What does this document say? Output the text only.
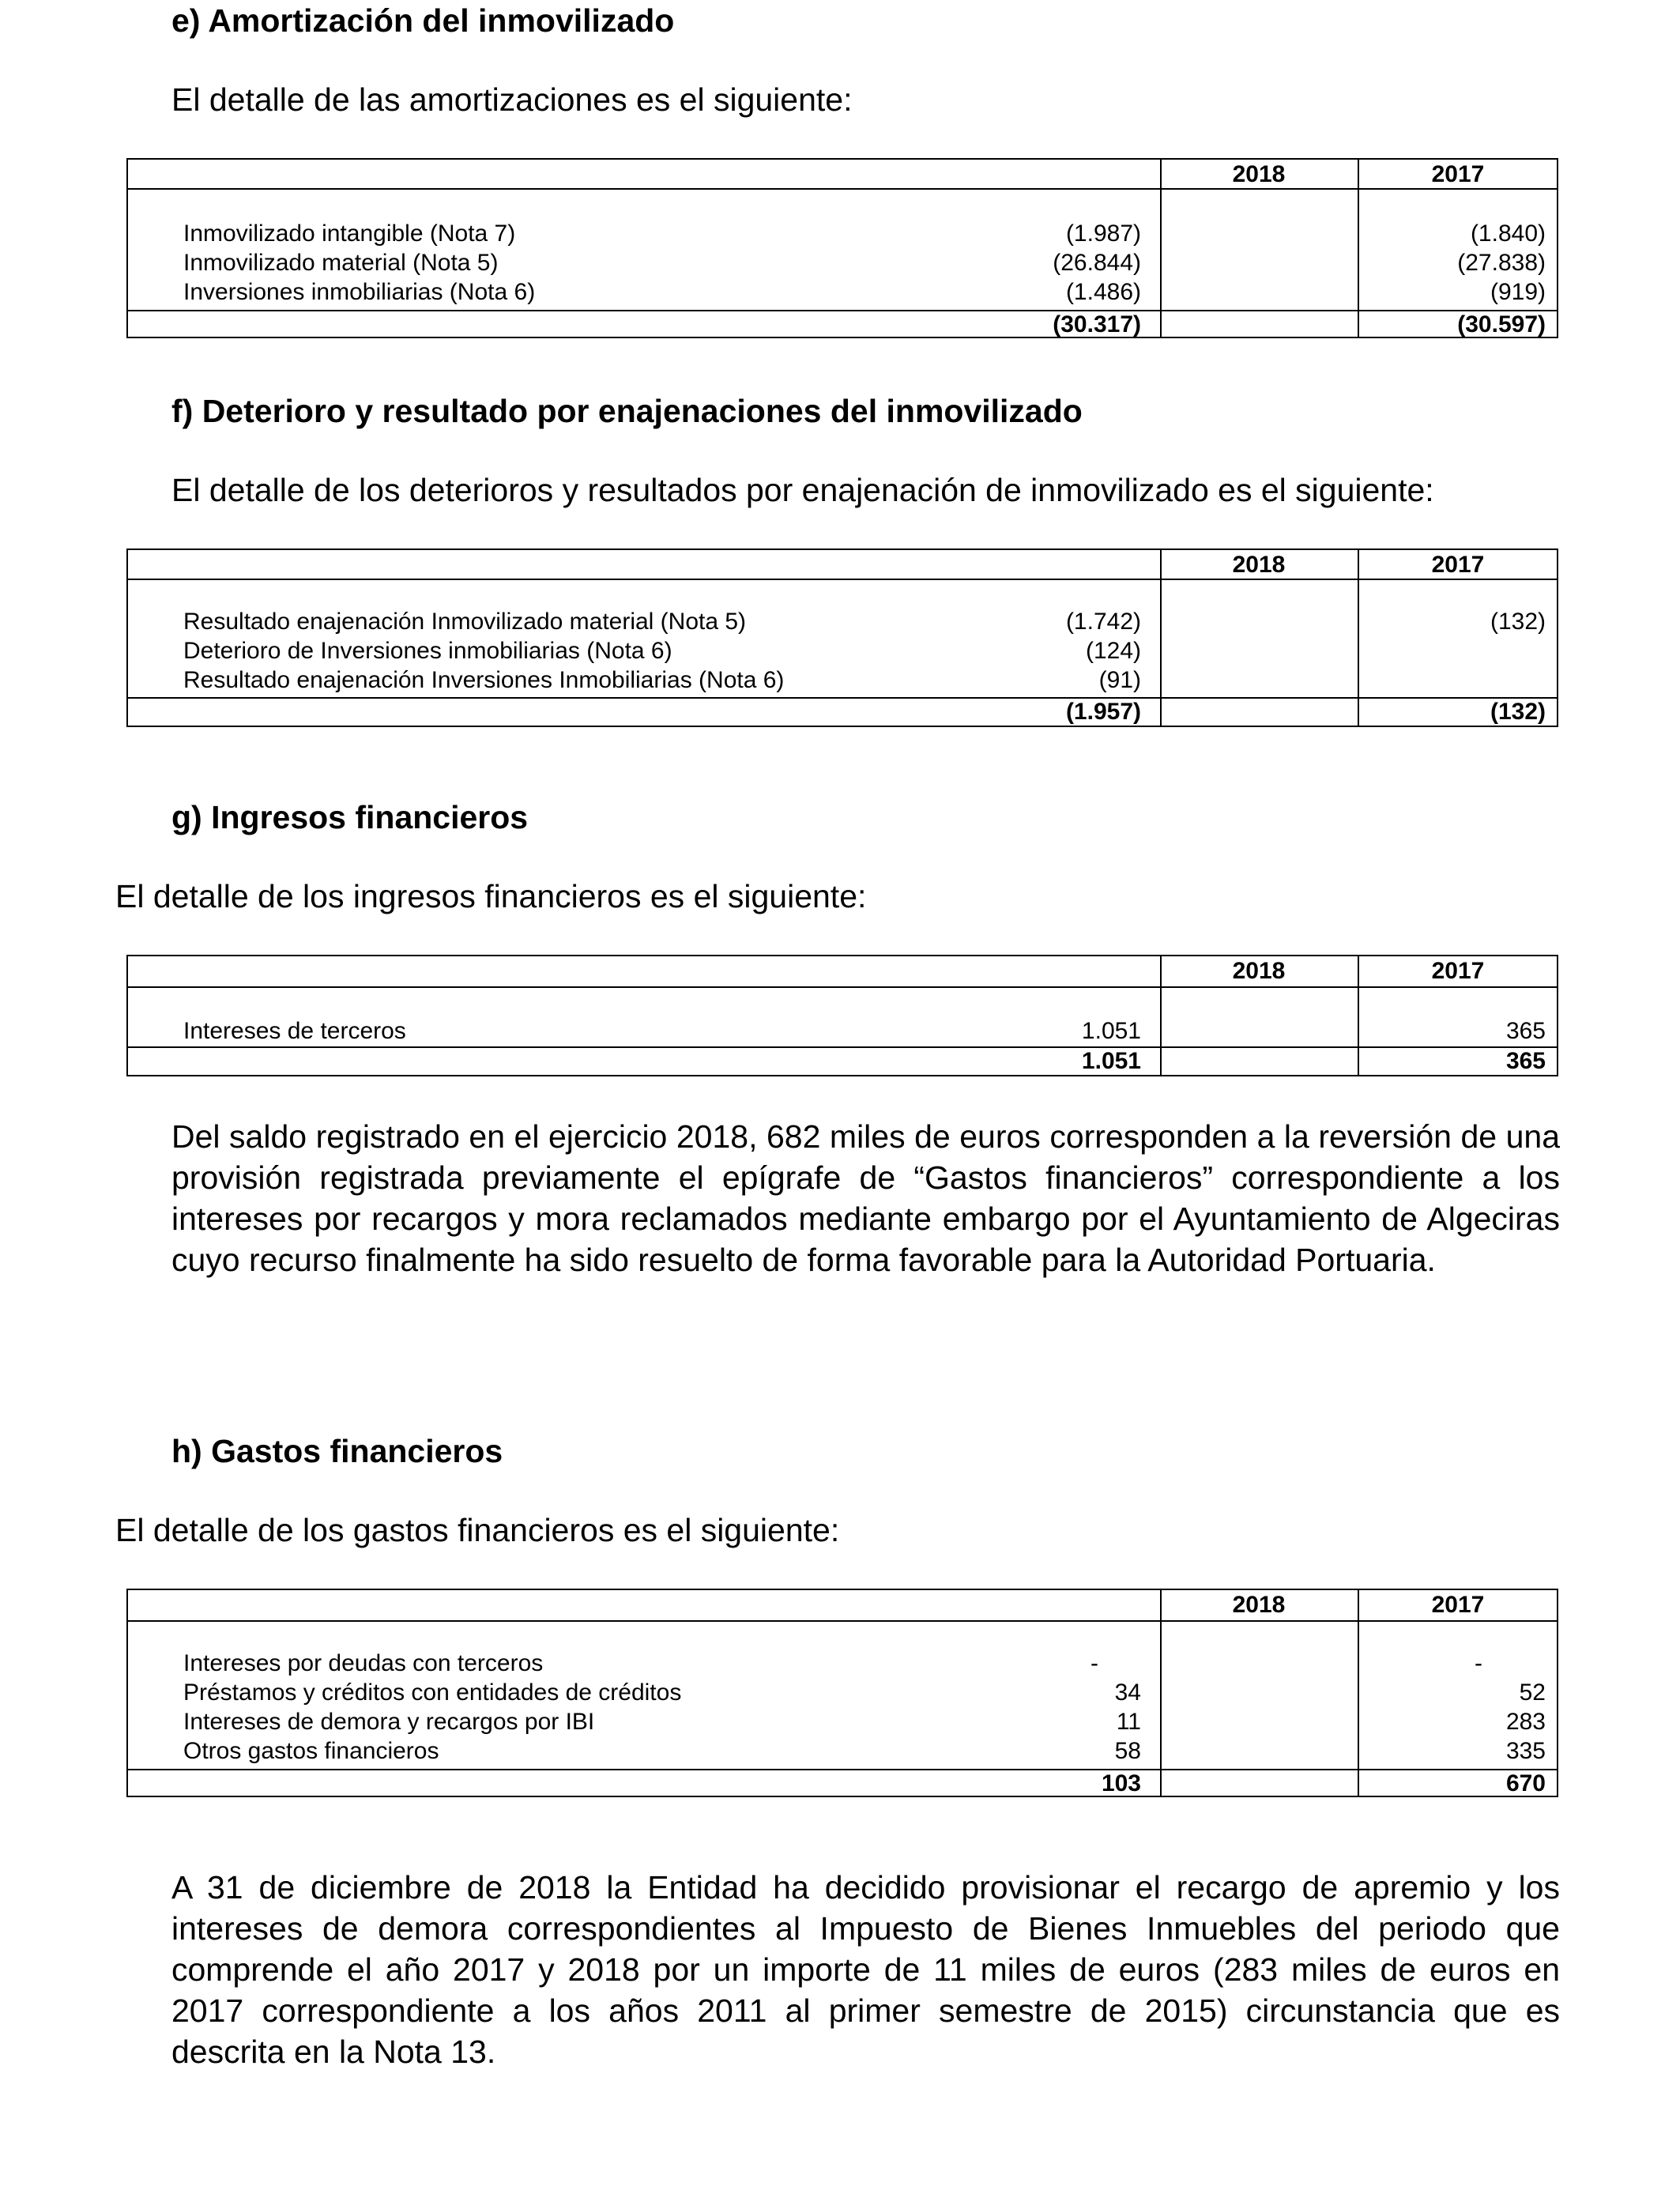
e) Amortización del inmovilizado
El detalle de las amortizaciones es el siguiente:
2018	2017
Inmovilizado intangible (Nota 7)	(1.987)	(1.840)
Inmovilizado material (Nota 5)	(26.844)	(27.838)
Inversiones inmobiliarias (Nota 6)	(1.486)	(919)
(30.317)	(30.597)
f) Deterioro y resultado por enajenaciones del inmovilizado
El detalle de los deterioros y resultados por enajenación de inmovilizado es el siguiente:
2018	2017
Resultado enajenación Inmovilizado material (Nota 5)	(1.742)	(132)
Deterioro de Inversiones inmobiliarias (Nota 6)	(124)
Resultado enajenación Inversiones Inmobiliarias (Nota 6)	(91)
(1.957)	(132)
g) Ingresos financieros
El detalle de los ingresos financieros es el siguiente:
2018	2017
Intereses de terceros	1.051	365
1.051	365
Del saldo registrado en el ejercicio 2018, 682 miles de euros corresponden a la reversión de una provisión registrada previamente el epígrafe de “Gastos financieros” correspondiente a los intereses por recargos y mora reclamados mediante embargo por el Ayuntamiento de Algeciras cuyo recurso finalmente ha sido resuelto de forma favorable para la Autoridad Portuaria.
h) Gastos financieros
El detalle de los gastos financieros es el siguiente:
2018	2017
Intereses por deudas con terceros	-	-
Préstamos y créditos con entidades de créditos	34	52
Intereses de demora y recargos por IBI	11	283
Otros gastos financieros	58	335
103	670
A 31 de diciembre de 2018 la Entidad ha decidido provisionar el recargo de apremio y los intereses de demora correspondientes al Impuesto de Bienes Inmuebles del periodo que comprende el año 2017 y 2018 por un importe de 11 miles de euros (283 miles de euros en 2017 correspondiente a los años 2011 al primer semestre de 2015) circunstancia que es descrita en la Nota 13.
